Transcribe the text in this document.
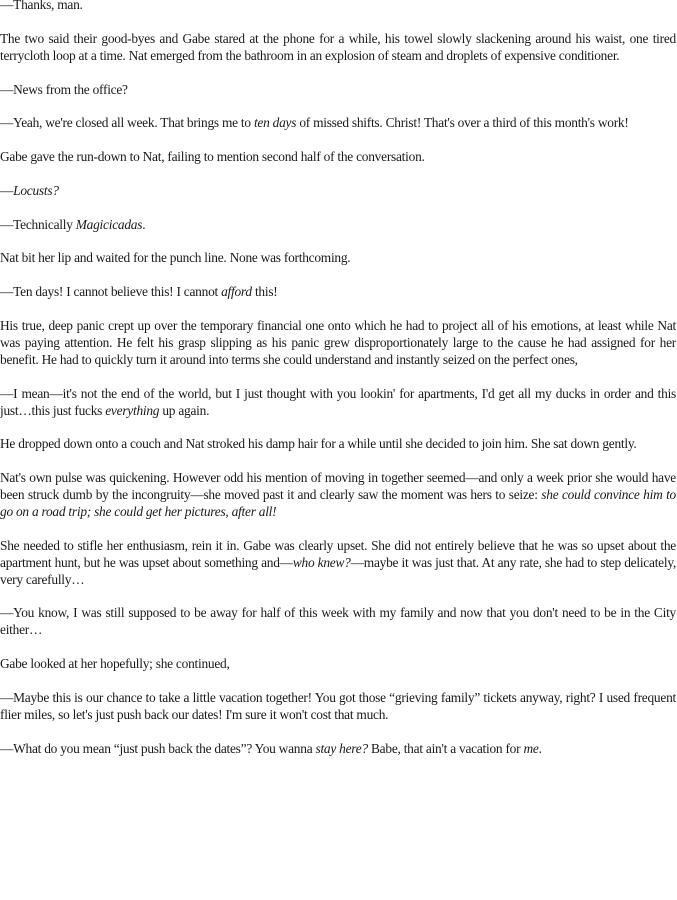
—Thanks, man.

The two said their good-byes and Gabe stared at the phone for a while, his towel slowly slackening around his waist, one tired terrycloth loop at a time. Nat emerged from the bathroom in an explosion of steam and droplets of expensive conditioner.

—News from the office?

—Yeah, we're closed all week. That brings me to ten days of missed shifts. Christ! That's over a third of this month's work!

Gabe gave the run-down to Nat, failing to mention second half of the conversation.

—Locusts?

—Technically Magicicadas.

Nat bit her lip and waited for the punch line. None was forthcoming.

—Ten days! I cannot believe this! I cannot afford this!

His true, deep panic crept up over the temporary financial one onto which he had to project all of his emotions, at least while Nat was paying attention. He felt his grasp slipping as his panic grew disproportionately large to the cause he had assigned for her benefit. He had to quickly turn it around into terms she could understand and instantly seized on the perfect ones,

—I mean—it's not the end of the world, but I just thought with you lookin' for apartments, I'd get all my ducks in order and this just…this just fucks everything up again.

He dropped down onto a couch and Nat stroked his damp hair for a while until she decided to join him. She sat down gently.

Nat's own pulse was quickening. However odd his mention of moving in together seemed—and only a week prior she would have been struck dumb by the incongruity—she moved past it and clearly saw the moment was hers to seize: she could convince him to go on a road trip; she could get her pictures, after all!

She needed to stifle her enthusiasm, rein it in. Gabe was clearly upset. She did not entirely believe that he was so upset about the apartment hunt, but he was upset about something and—who knew?—maybe it was just that. At any rate, she had to step delicately, very carefully…

—You know, I was still supposed to be away for half of this week with my family and now that you don't need to be in the City either…

Gabe looked at her hopefully; she continued,

—Maybe this is our chance to take a little vacation together! You got those “grieving family” tickets anyway, right? I used frequent flier miles, so let's just push back our dates! I'm sure it won't cost that much.

—What do you mean “just push back the dates”? You wanna stay here? Babe, that ain't a vacation for me.
